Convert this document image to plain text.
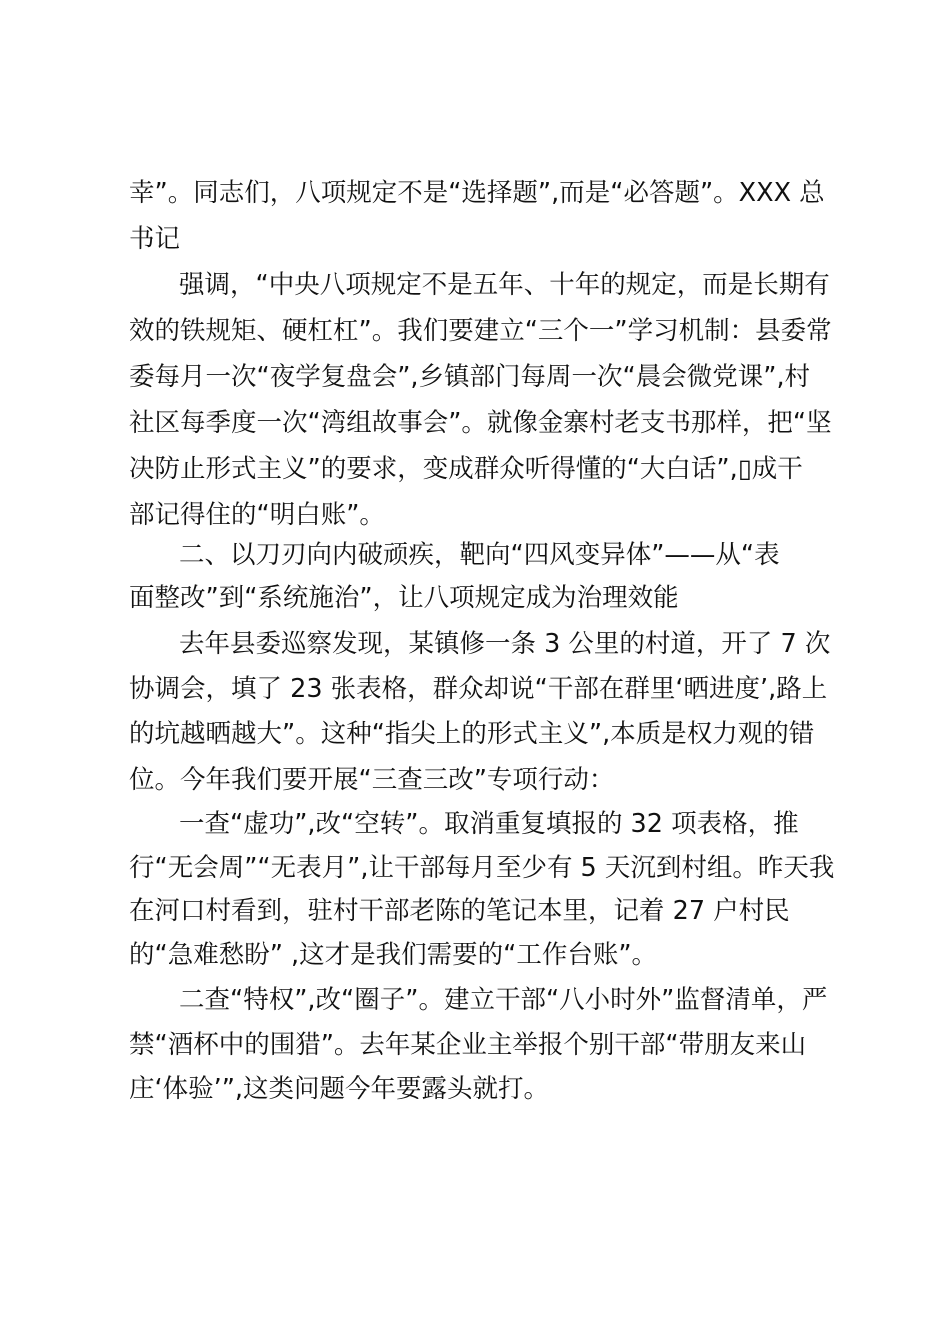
幸”。同志们，八项规定不是“选择题”,而是“必答题”。XXX 总
书记
强调，“中央八项规定不是五年、十年的规定，而是长期有
效的铁规矩、硬杠杠”。我们要建立“三个一”学习机制：县委常
委每月一次“夜学复盘会”,乡镇部门每周一次“晨会微党课”,村
社区每季度一次“湾组故事会”。就像金寨村老支书那样，把“坚
决防止形式主义”的要求，变成群众听得懂的“大白话”,▯成干
部记得住的“明白账”。
二、以刀刃向内破顽疾，靶向“四风变异体”——从“表
面整改”到“系统施治”，让八项规定成为治理效能
去年县委巡察发现，某镇修一条 3 公里的村道，开了 7 次
协调会，填了 23 张表格，群众却说“干部在群里‘晒进度’,路上
的坑越晒越大”。这种“指尖上的形式主义”,本质是权力观的错
位。今年我们要开展“三查三改”专项行动：
一查“虚功”,改“空转”。取消重复填报的 32 项表格，推
行“无会周”“无表月”,让干部每月至少有 5 天沉到村组。昨天我
在河口村看到，驻村干部老陈的笔记本里，记着 27 户村民
的“急难愁盼” ,这才是我们需要的“工作台账”。
二查“特权”,改“圈子”。建立干部“八小时外”监督清单，严
禁“酒杯中的围猎”。去年某企业主举报个别干部“带朋友来山
庄‘体验’”,这类问题今年要露头就打。
